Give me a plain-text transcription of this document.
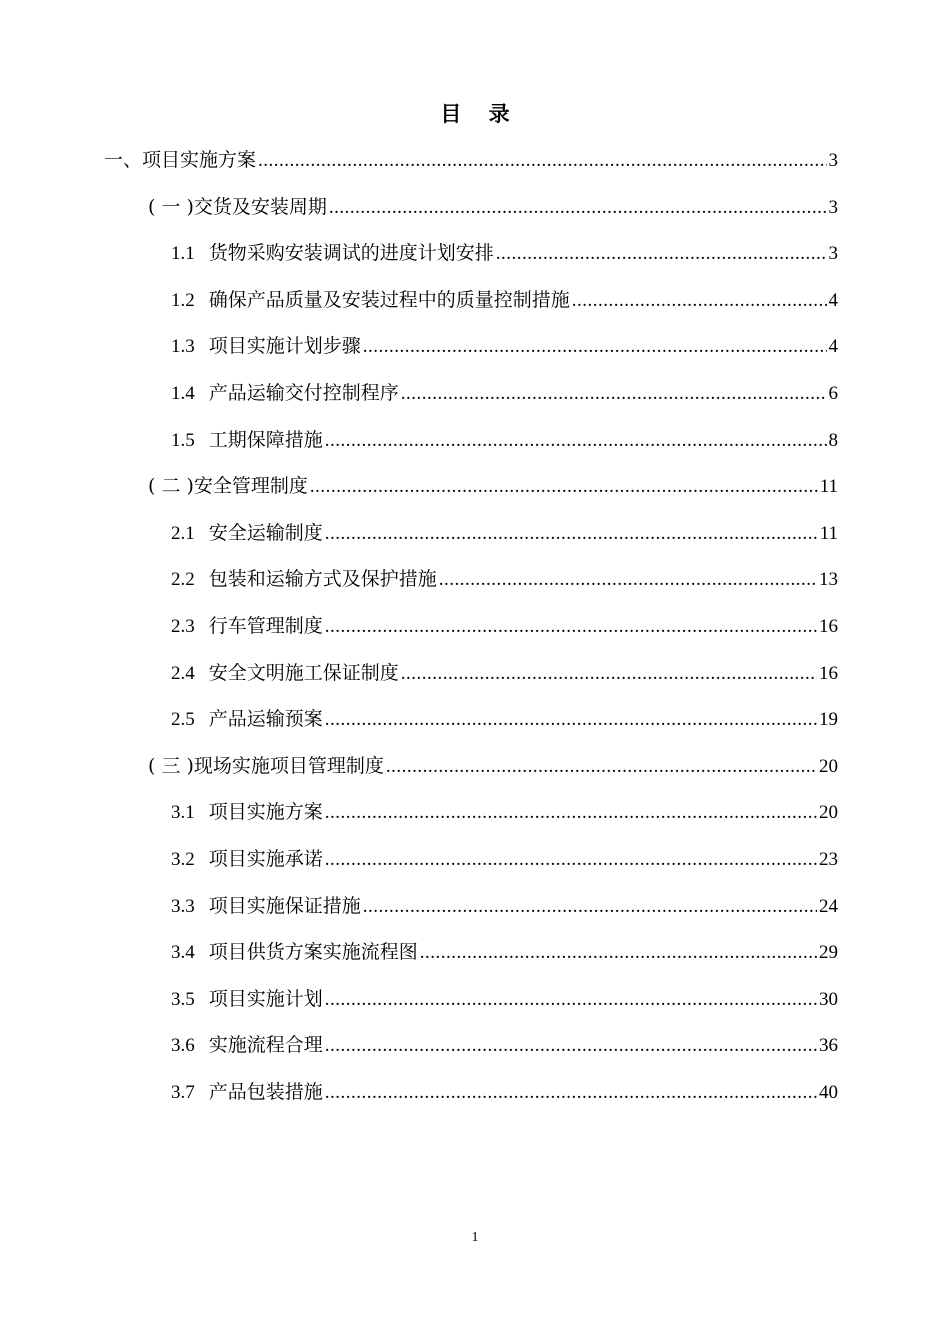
目 录
一、项目实施方案 .....	3
( 一 )交货及安装周期 .....	3
1.1 货物采购安装调试的进度计划安排 .....	3
1.2 确保产品质量及安装过程中的质量控制措施 .....	4
1.3 项目实施计划步骤 .....	4
1.4 产品运输交付控制程序 .....	6
1.5 工期保障措施 .....	8
( 二 )安全管理制度 .....	11
2.1 安全运输制度 .....	11
2.2 包装和运输方式及保护措施 .....	13
2.3 行车管理制度 .....	16
2.4 安全文明施工保证制度 .....	16
2.5 产品运输预案 .....	19
( 三 )现场实施项目管理制度 .....	20
3.1 项目实施方案 .....	20
3.2 项目实施承诺 .....	23
3.3 项目实施保证措施 .....	24
3.4 项目供货方案实施流程图 .....	29
3.5 项目实施计划 .....	30
3.6 实施流程合理 .....	36
3.7 产品包装措施 .....	40
1
